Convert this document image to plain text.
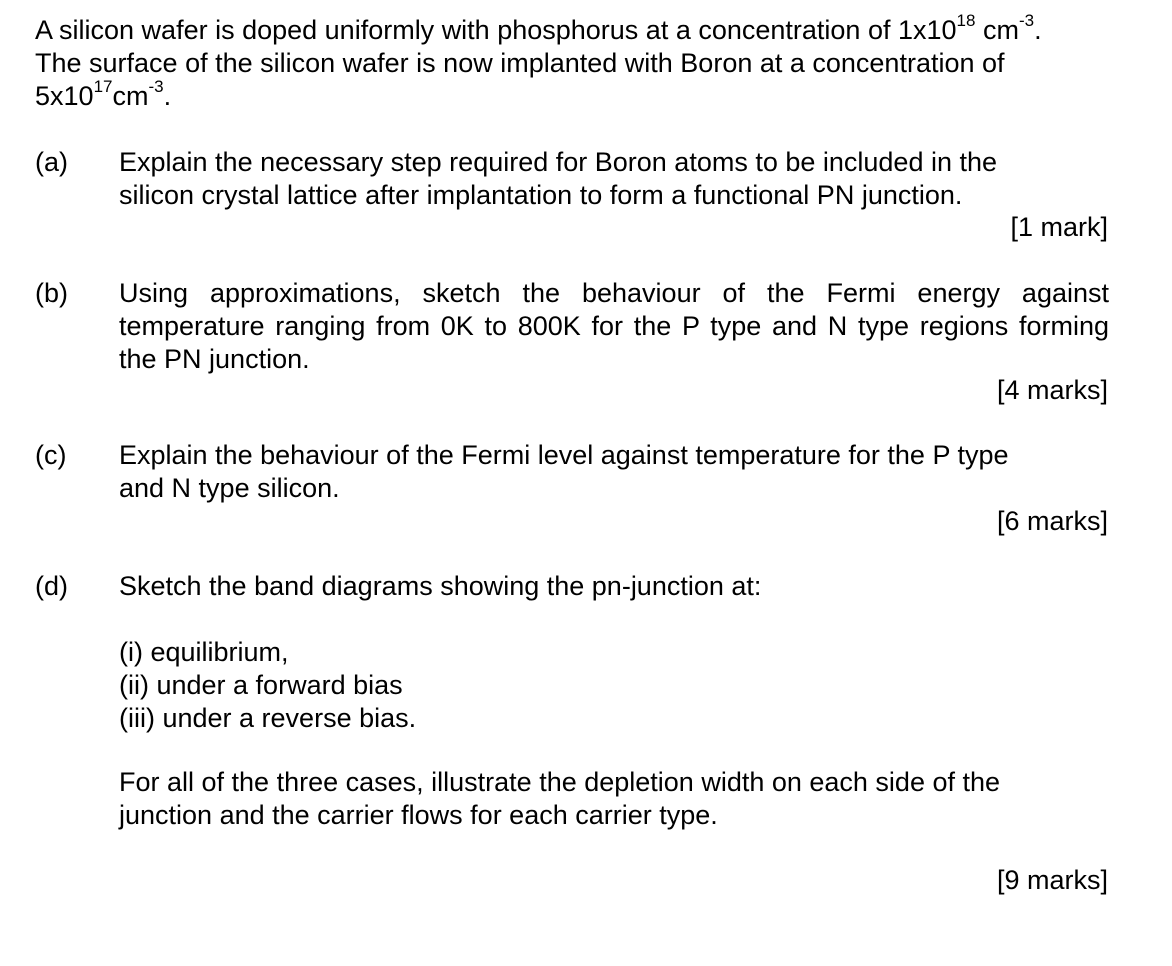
A silicon wafer is doped uniformly with phosphorus at a concentration of $1x10^{18}$ $cm^{-3}$.
The surface of the silicon wafer is now implanted with Boron at a concentration of
$5x10^{17}cm^{-3}$.
(a) Explain the necessary step required for Boron atoms to be included in the
silicon crystal lattice after implantation to form a functional PN junction.
[1 mark]
(b) Using approximations, sketch the behaviour of the Fermi energy against
temperature ranging from 0K to 800K for the P type and N type regions forming
the PN junction.
[4 marks]
(c) Explain the behaviour of the Fermi level against temperature for the P type
and N type silicon.
[6 marks]
(d) Sketch the band diagrams showing the pn-junction at:
(i) equilibrium,
(ii) under a forward bias
(iii) under a reverse bias.
For all of the three cases, illustrate the depletion width on each side of the
junction and the carrier flows for each carrier type.
[9 marks]
